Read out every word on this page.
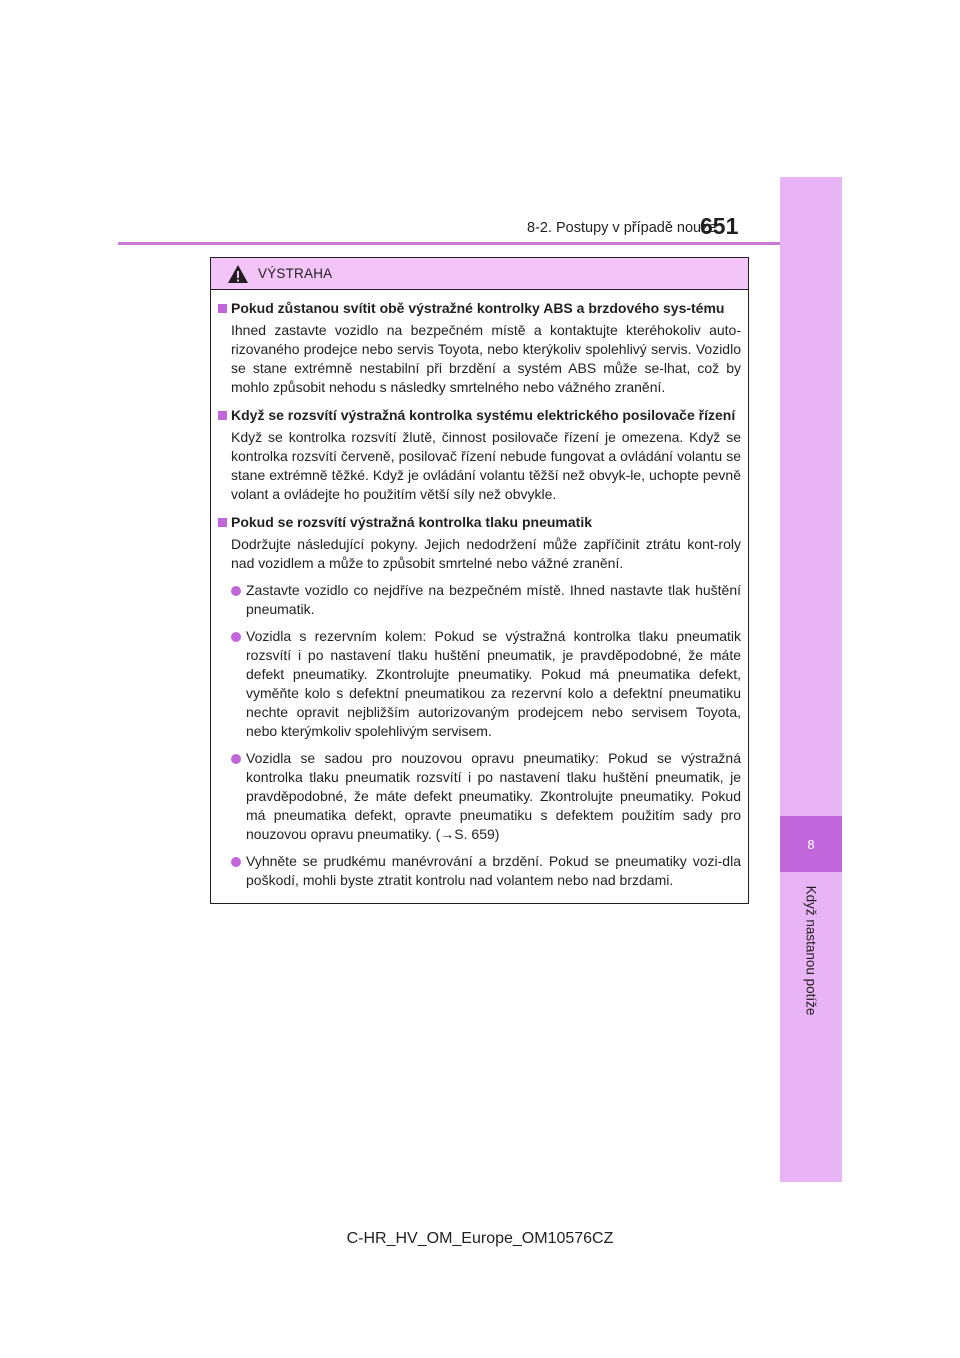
8-2. Postupy v případě nouze
651
8
Když nastanou potíže
VÝSTRAHA
Pokud zůstanou svítit obě výstražné kontrolky ABS a brzdového sys-tému
Ihned zastavte vozidlo na bezpečném místě a kontaktujte kteréhokoliv auto-rizovaného prodejce nebo servis Toyota, nebo kterýkoliv spolehlivý servis. Vozidlo se stane extrémně nestabilní při brzdění a systém ABS může se-lhat, což by mohlo způsobit nehodu s následky smrtelného nebo vážného zranění.
Když se rozsvítí výstražná kontrolka systému elektrického posilovače řízení
Když se kontrolka rozsvítí žlutě, činnost posilovače řízení je omezena. Když se kontrolka rozsvítí červeně, posilovač řízení nebude fungovat a ovládání volantu se stane extrémně těžké. Když je ovládání volantu těžší než obvyk-le, uchopte pevně volant a ovládejte ho použitím větší síly než obvykle.
Pokud se rozsvítí výstražná kontrolka tlaku pneumatik
Dodržujte následující pokyny. Jejich nedodržení může zapříčinit ztrátu kont-roly nad vozidlem a může to způsobit smrtelné nebo vážné zranění.
Zastavte vozidlo co nejdříve na bezpečném místě. Ihned nastavte tlak huštění pneumatik.
Vozidla s rezervním kolem: Pokud se výstražná kontrolka tlaku pneumatik rozsvítí i po nastavení tlaku huštění pneumatik, je pravděpodobné, že máte defekt pneumatiky. Zkontrolujte pneumatiky. Pokud má pneumatika defekt, vyměňte kolo s defektní pneumatikou za rezervní kolo a defektní pneumatiku nechte opravit nejbližším autorizovaným prodejcem nebo servisem Toyota, nebo kterýmkoliv spolehlivým servisem.
Vozidla se sadou pro nouzovou opravu pneumatiky: Pokud se výstražná kontrolka tlaku pneumatik rozsvítí i po nastavení tlaku huštění pneumatik, je pravděpodobné, že máte defekt pneumatiky. Zkontrolujte pneumatiky. Pokud má pneumatika defekt, opravte pneumatiku s defektem použitím sady pro nouzovou opravu pneumatiky. (→S. 659)
Vyhněte se prudkému manévrování a brzdění. Pokud se pneumatiky vozi-dla poškodí, mohli byste ztratit kontrolu nad volantem nebo nad brzdami.
C-HR_HV_OM_Europe_OM10576CZ
